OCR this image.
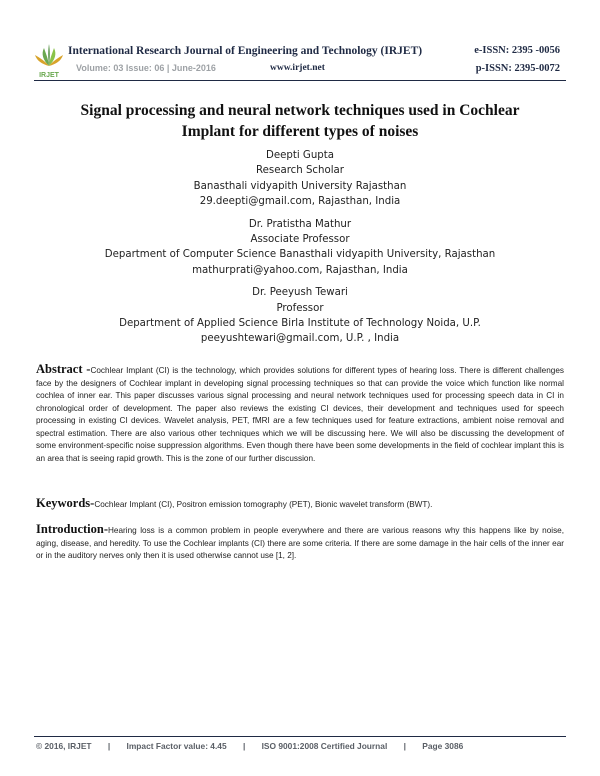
IRJET
International Research Journal of Engineering and Technology (IRJET)	e-ISSN: 2395 -0056
Volume: 03 Issue: 06 | June-2016	www.irjet.net	p-ISSN: 2395-0072
Signal processing and neural network techniques used in Cochlear
Implant for different types of noises
Deepti Gupta
Research Scholar
Banasthali vidyapith University Rajasthan
29.deepti@gmail.com, Rajasthan, India
Dr. Pratistha Mathur
Associate Professor
Department of Computer Science Banasthali vidyapith University, Rajasthan
mathurprati@yahoo.com, Rajasthan, India
Dr. Peeyush Tewari
Professor
Department of Applied Science Birla Institute of Technology Noida, U.P.
peeyushtewari@gmail.com, U.P. , India
Abstract -Cochlear Implant (CI) is the technology, which provides solutions for different types of hearing loss. There is different challenges face by the designers of Cochlear implant in developing signal processing techniques so that can provide the voice which function like normal cochlea of inner ear. This paper discusses various signal processing and neural network techniques used for processing speech data in CI in chronological order of development. The paper also reviews the existing CI devices, their development and techniques used for speech processing in existing CI devices. Wavelet analysis, PET, fMRI are a few techniques used for feature extractions, ambient noise removal and spectral estimation. There are also various other techniques which we will be discussing here. We will also be discussing the development of some environment-specific noise suppression algorithms. Even though there have been some developments in the field of cochlear implant this is an area that is seeing rapid growth. This is the zone of our further discussion.
Keywords-Cochlear Implant (CI), Positron emission tomography (PET), Bionic wavelet transform (BWT).
Introduction-Hearing loss is a common problem in people everywhere and there are various reasons why this happens like by noise, aging, disease, and heredity. To use the Cochlear implants (CI) there are some criteria. If there are some damage in the hair cells of the inner ear or in the auditory nerves only then it is used otherwise cannot use [1, 2].
© 2016, IRJET | Impact Factor value: 4.45 | ISO 9001:2008 Certified Journal | Page 3086
